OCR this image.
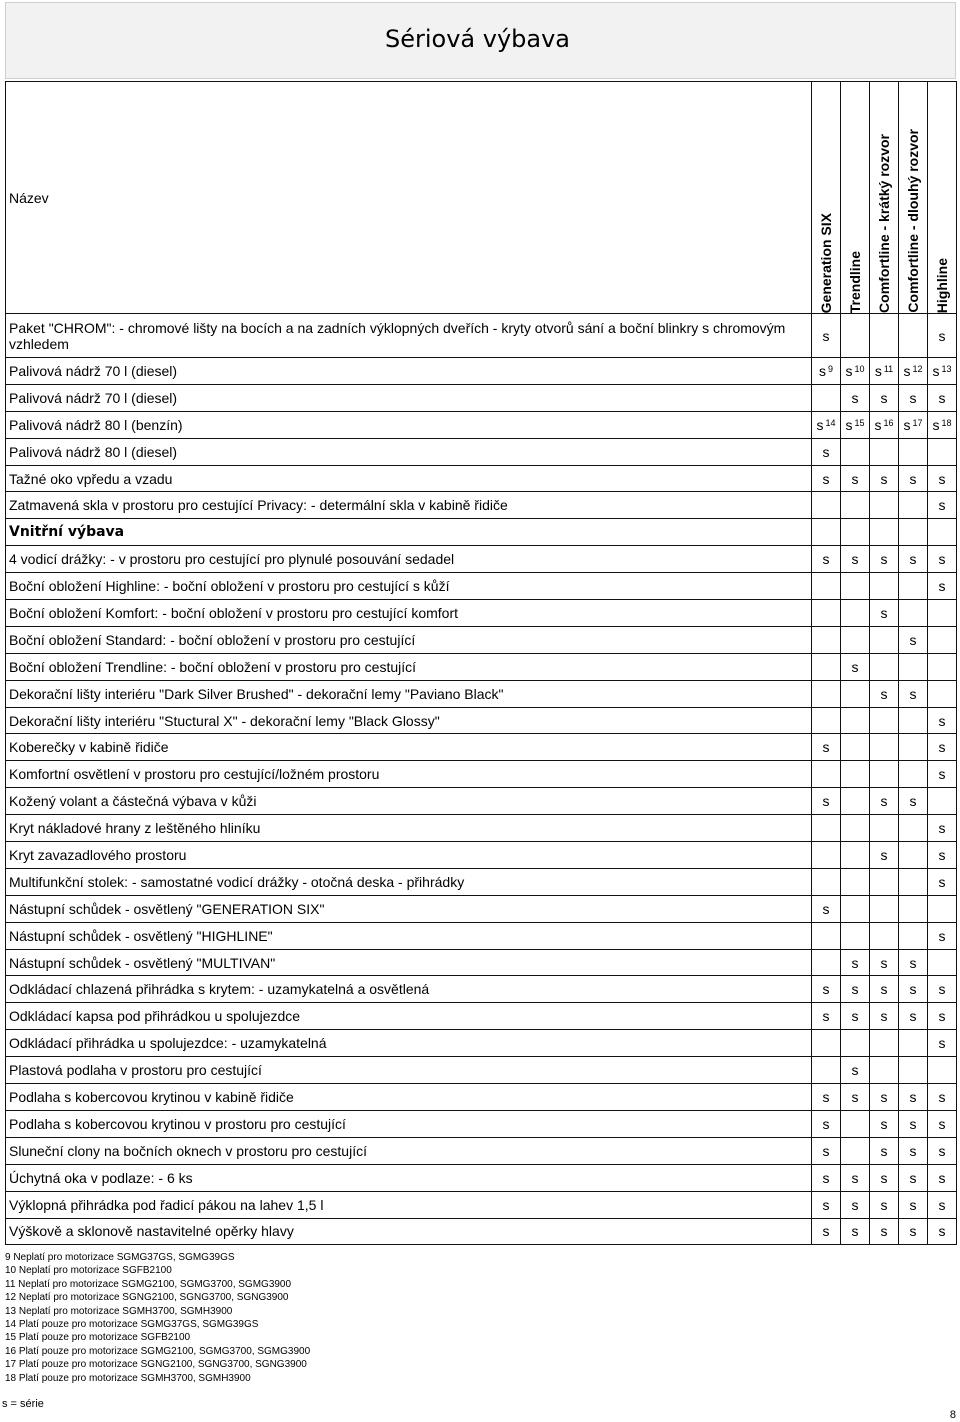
Sériová výbava
Název	Generation SIX	Trendline	Comfortline - krátký rozvor	Comfortline - dlouhý rozvor	Highline

Paket "CHROM": - chromové lišty na bocích a na zadních výklopných dveřích - kryty otvorů sání a boční blinkry s chromovým vzhledem	s				s
Palivová nádrž 70 l (diesel)	s $^9$	s $^{10}$	s $^{11}$	s $^{12}$	s $^{13}$
Palivová nádrž 70 l (diesel)		s	s	s	s
Palivová nádrž 80 l (benzín)	s $^{14}$	s $^{15}$	s $^{16}$	s $^{17}$	s $^{18}$
Palivová nádrž 80 l (diesel)	s				
Tažné oko vpředu a vzadu	s	s	s	s	s
Zatmavená skla v prostoru pro cestující Privacy: - determální skla v kabině řidiče					s
Vnitřní výbava					
4 vodicí drážky: - v prostoru pro cestující pro plynulé posouvání sedadel	s	s	s	s	s
Boční obložení Highline: - boční obložení v prostoru pro cestující s kůží					s
Boční obložení Komfort: - boční obložení v prostoru pro cestující komfort			s		
Boční obložení Standard: - boční obložení v prostoru pro cestující				s	
Boční obložení Trendline: - boční obložení v prostoru pro cestující		s			
Dekorační lišty interiéru "Dark Silver Brushed" - dekorační lemy "Paviano Black"			s	s	
Dekorační lišty interiéru "Stuctural X" - dekorační lemy "Black Glossy"					s
Koberečky v kabině řidiče	s				s
Komfortní osvětlení v prostoru pro cestující/ložném prostoru					s
Kožený volant a částečná výbava v kůži	s		s	s	
Kryt nákladové hrany z leštěného hliníku					s
Kryt zavazadlového prostoru			s		s
Multifunkční stolek: - samostatné vodicí drážky - otočná deska - přihrádky					s
Nástupní schůdek - osvětlený "GENERATION SIX"	s				
Nástupní schůdek - osvětlený "HIGHLINE"					s
Nástupní schůdek - osvětlený "MULTIVAN"		s	s	s	
Odkládací chlazená přihrádka s krytem: - uzamykatelná a osvětlená	s	s	s	s	s
Odkládací kapsa pod přihrádkou u spolujezdce	s	s	s	s	s
Odkládací přihrádka u spolujezdce: - uzamykatelná					s
Plastová podlaha v prostoru pro cestující		s			
Podlaha s kobercovou krytinou v kabině řidiče	s	s	s	s	s
Podlaha s kobercovou krytinou v prostoru pro cestující	s		s	s	s
Sluneční clony na bočních oknech v prostoru pro cestující	s		s	s	s
Úchytná oka v podlaze: - 6 ks	s	s	s	s	s
Výklopná přihrádka pod řadicí pákou na lahev 1,5 l	s	s	s	s	s
Výškově a sklonově nastavitelné opěrky hlavy	s	s	s	s	s
9 Neplatí pro motorizace SGMG37GS, SGMG39GS
10 Neplatí pro motorizace SGFB2100
11 Neplatí pro motorizace SGMG2100, SGMG3700, SGMG3900
12 Neplatí pro motorizace SGNG2100, SGNG3700, SGNG3900
13 Neplatí pro motorizace SGMH3700, SGMH3900
14 Platí pouze pro motorizace SGMG37GS, SGMG39GS
15 Platí pouze pro motorizace SGFB2100
16 Platí pouze pro motorizace SGMG2100, SGMG3700, SGMG3900
17 Platí pouze pro motorizace SGNG2100, SGNG3700, SGNG3900
18 Platí pouze pro motorizace SGMH3700, SGMH3900
s = série
8
